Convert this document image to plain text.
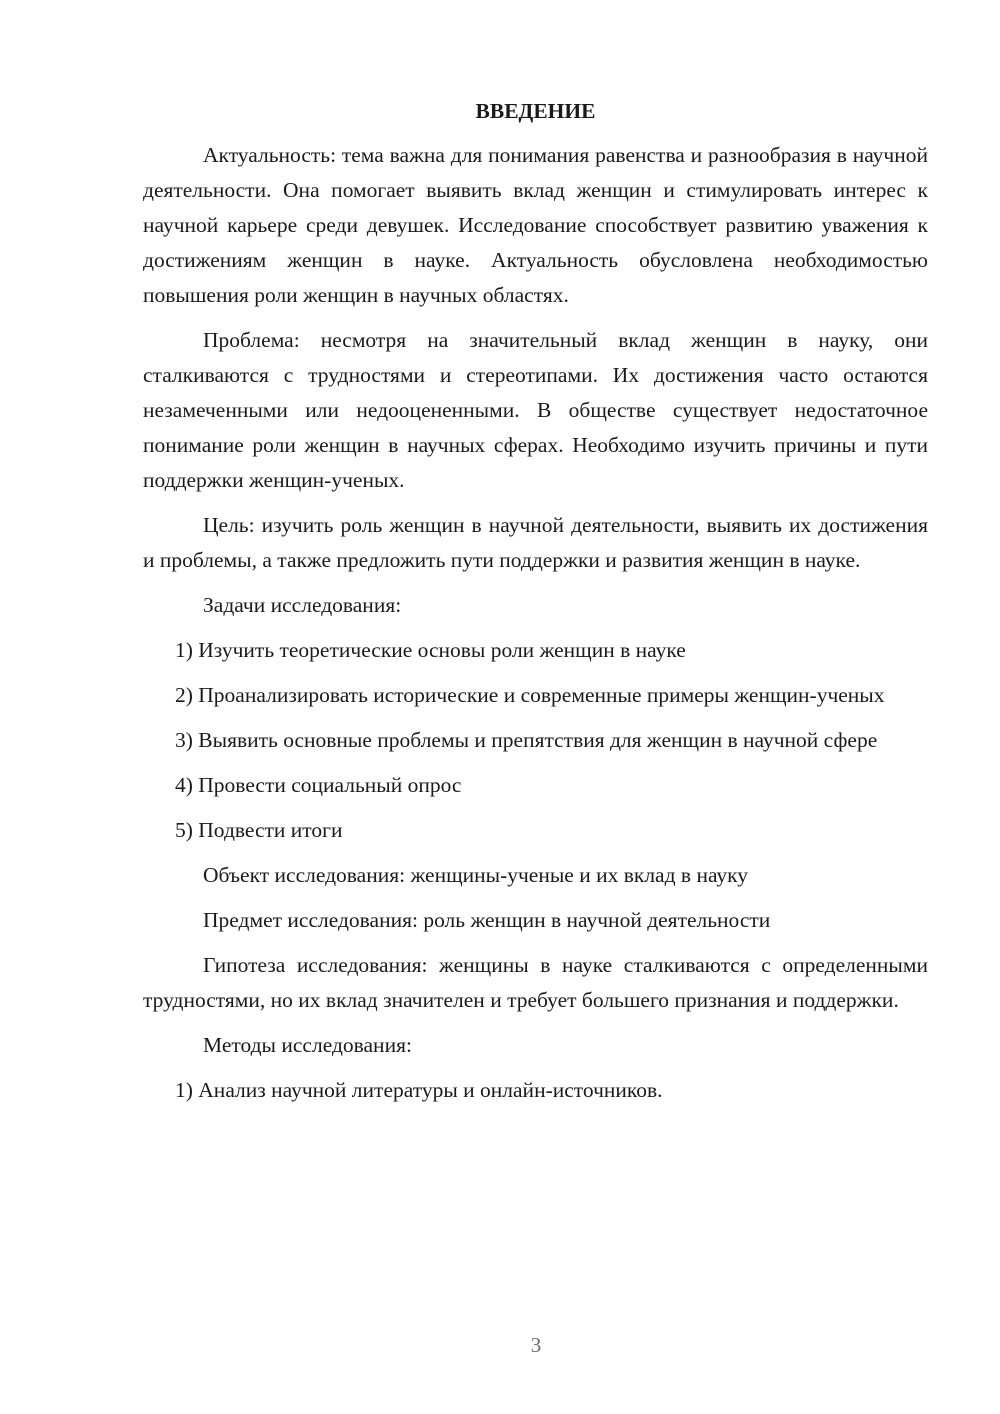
ВВЕДЕНИЕ

Актуальность: тема важна для понимания равенства и разнообразия в научной деятельности. Она помогает выявить вклад женщин и стимулировать интерес к научной карьере среди девушек. Исследование способствует развитию уважения к достижениям женщин в науке. Актуальность обусловлена необходимостью повышения роли женщин в научных областях.

Проблема: несмотря на значительный вклад женщин в науку, они сталкиваются с трудностями и стереотипами. Их достижения часто остаются незамеченными или недооцененными. В обществе существует недостаточное понимание роли женщин в научных сферах. Необходимо изучить причины и пути поддержки женщин-ученых.

Цель: изучить роль женщин в научной деятельности, выявить их достижения и проблемы, а также предложить пути поддержки и развития женщин в науке.

Задачи исследования:

1) Изучить теоретические основы роли женщин в науке

2) Проанализировать исторические и современные примеры женщин-ученых

3) Выявить основные проблемы и препятствия для женщин в научной сфере

4) Провести социальный опрос

5) Подвести итоги

Объект исследования: женщины-ученые и их вклад в науку

Предмет исследования: роль женщин в научной деятельности

Гипотеза исследования: женщины в науке сталкиваются с определенными трудностями, но их вклад значителен и требует большего признания и поддержки.

Методы исследования:

1) Анализ научной литературы и онлайн-источников.

3
